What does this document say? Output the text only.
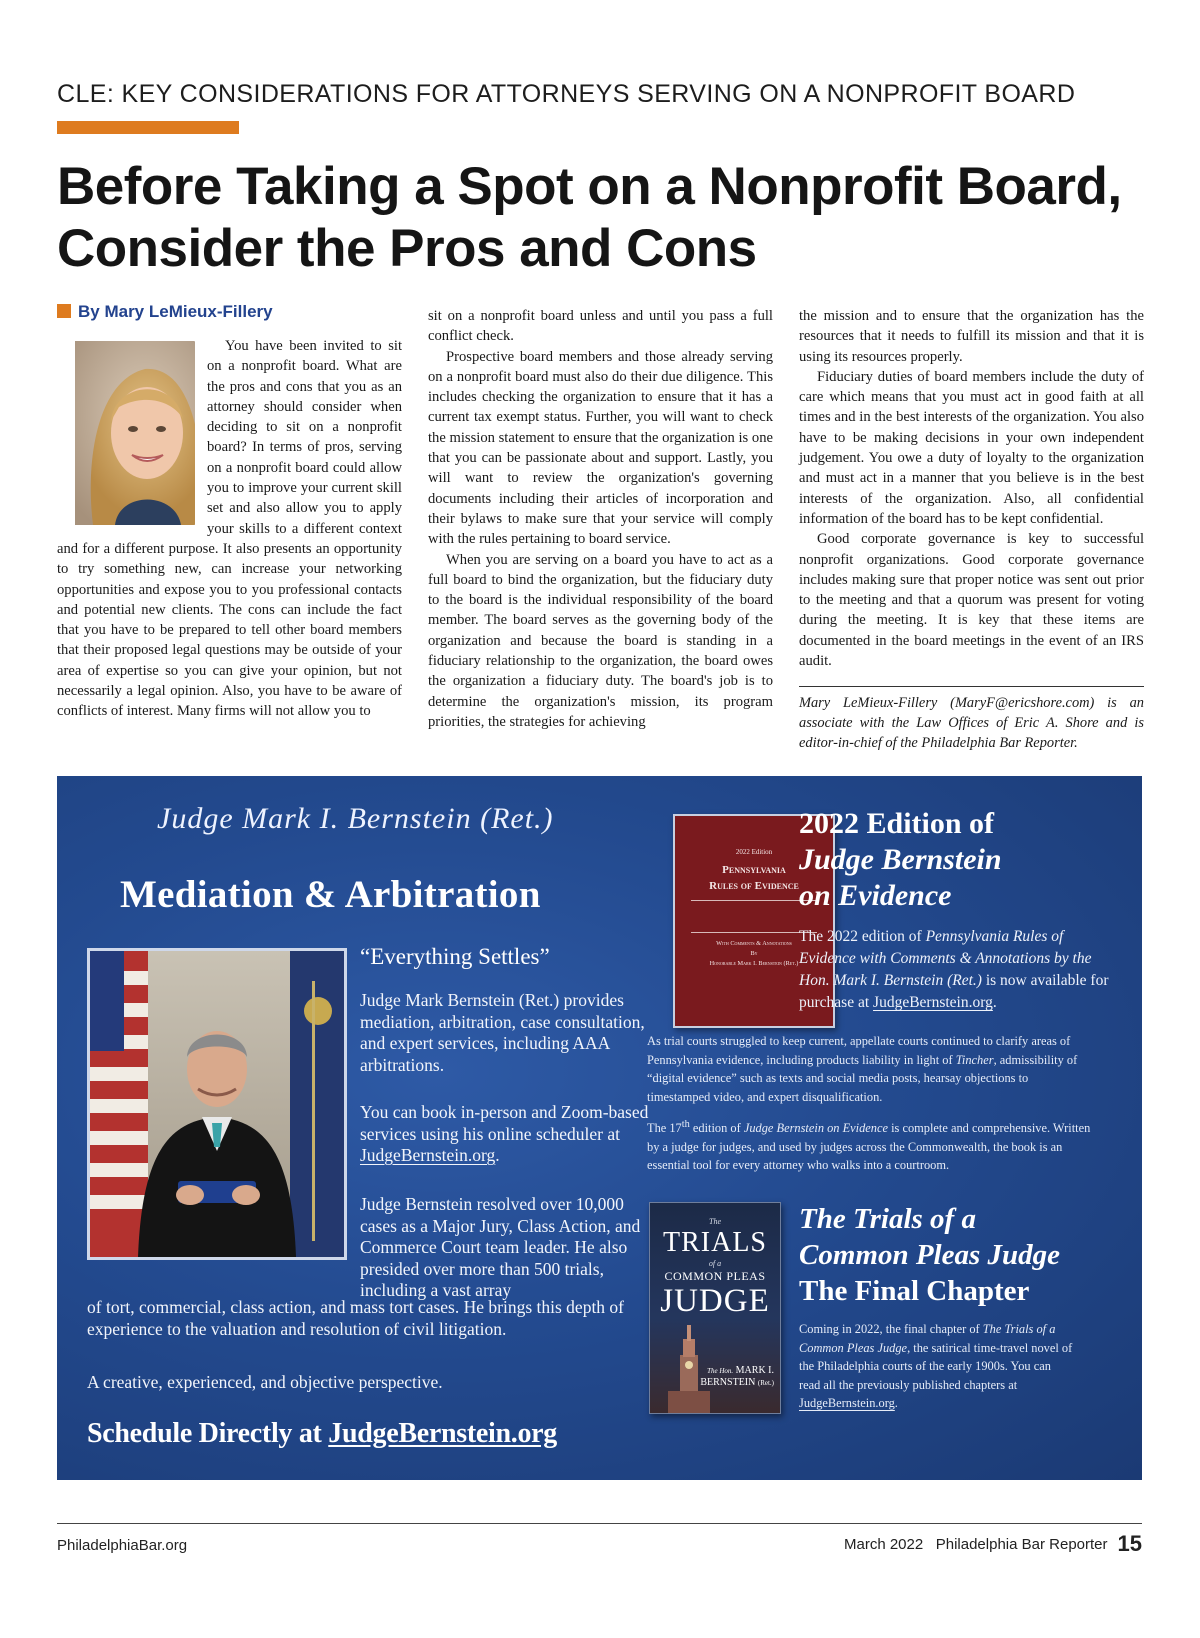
CLE: KEY CONSIDERATIONS FOR ATTORNEYS SERVING ON A NONPROFIT BOARD
Before Taking a Spot on a Nonprofit Board, Consider the Pros and Cons
By Mary LeMieux-Fillery

You have been invited to sit on a nonprofit board. What are the pros and cons that you as an attorney should consider when deciding to sit on a nonprofit board? In terms of pros, serving on a nonprofit board could allow you to improve your current skill set and also allow you to apply your skills to a different context and for a different purpose. It also presents an opportunity to try something new, can increase your networking opportunities and expose you to you professional contacts and potential new clients. The cons can include the fact that you have to be prepared to tell other board members that their proposed legal questions may be outside of your area of expertise so you can give your opinion, but not necessarily a legal opinion. Also, you have to be aware of conflicts of interest. Many firms will not allow you to

sit on a nonprofit board unless and until you pass a full conflict check.

Prospective board members and those already serving on a nonprofit board must also do their due diligence. This includes checking the organization to ensure that it has a current tax exempt status. Further, you will want to check the mission statement to ensure that the organization is one that you can be passionate about and support. Lastly, you will want to review the organization's governing documents including their articles of incorporation and their bylaws to make sure that your service will comply with the rules pertaining to board service.

When you are serving on a board you have to act as a full board to bind the organization, but the fiduciary duty to the board is the individual responsibility of the board member. The board serves as the governing body of the organization and because the board is standing in a fiduciary relationship to the organization, the board owes the organization a fiduciary duty. The board's job is to determine the organization's mission, its program priorities, the strategies for achieving

the mission and to ensure that the organization has the resources that it needs to fulfill its mission and that it is using its resources properly.

Fiduciary duties of board members include the duty of care which means that you must act in good faith at all times and in the best interests of the organization. You also have to be making decisions in your own independent judgement. You owe a duty of loyalty to the organization and must act in a manner that you believe is in the best interests of the organization. Also, all confidential information of the board has to be kept confidential.

Good corporate governance is key to successful nonprofit organizations. Good corporate governance includes making sure that proper notice was sent out prior to the meeting and that a quorum was present for voting during the meeting. It is key that these items are documented in the board meetings in the event of an IRS audit.

Mary LeMieux-Fillery (MaryF@ericshore.com) is an associate with the Law Offices of Eric A. Shore and is editor-in-chief of the Philadelphia Bar Reporter.
Judge Mark I. Bernstein (Ret.)
Mediation & Arbitration
“Everything Settles”
Judge Mark Bernstein (Ret.) provides mediation, arbitration, case consultation, and expert services, including AAA arbitrations.
You can book in-person and Zoom-based services using his online scheduler at JudgeBernstein.org.
Judge Bernstein resolved over 10,000 cases as a Major Jury, Class Action, and Commerce Court team leader. He also presided over more than 500 trials, including a vast array
of tort, commercial, class action, and mass tort cases. He brings this depth of experience to the valuation and resolution of civil litigation.
A creative, experienced, and objective perspective.
Schedule Directly at JudgeBernstein.org
2022 Edition
Pennsylvania
Rules of Evidence
With Comments & Annotations
By
Honorable Mark I. Bernstein (Ret.)
2022 Edition of
Judge Bernstein
on Evidence
The 2022 edition of Pennsylvania Rules of Evidence with Comments & Annotations by the Hon. Mark I. Bernstein (Ret.) is now available for purchase at JudgeBernstein.org.
As trial courts struggled to keep current, appellate courts continued to clarify areas of Pennsylvania evidence, including products liability in light of Tincher, admissibility of “digital evidence” such as texts and social media posts, hearsay objections to timestamped video, and expert disqualification.
The 17th edition of Judge Bernstein on Evidence is complete and comprehensive. Written by a judge for judges, and used by judges across the Commonwealth, the book is an essential tool for every attorney who walks into a courtroom.
The
TRIALS
of a
COMMON PLEAS
JUDGE
The Hon. MARK I.
BERNSTEIN (Ret.)
The Trials of a
Common Pleas Judge
The Final Chapter
Coming in 2022, the final chapter of The Trials of a Common Pleas Judge, the satirical time-travel novel of the Philadelphia courts of the early 1900s. You can read all the previously published chapters at JudgeBernstein.org.
PhiladelphiaBar.org	March 2022 Philadelphia Bar Reporter 15
